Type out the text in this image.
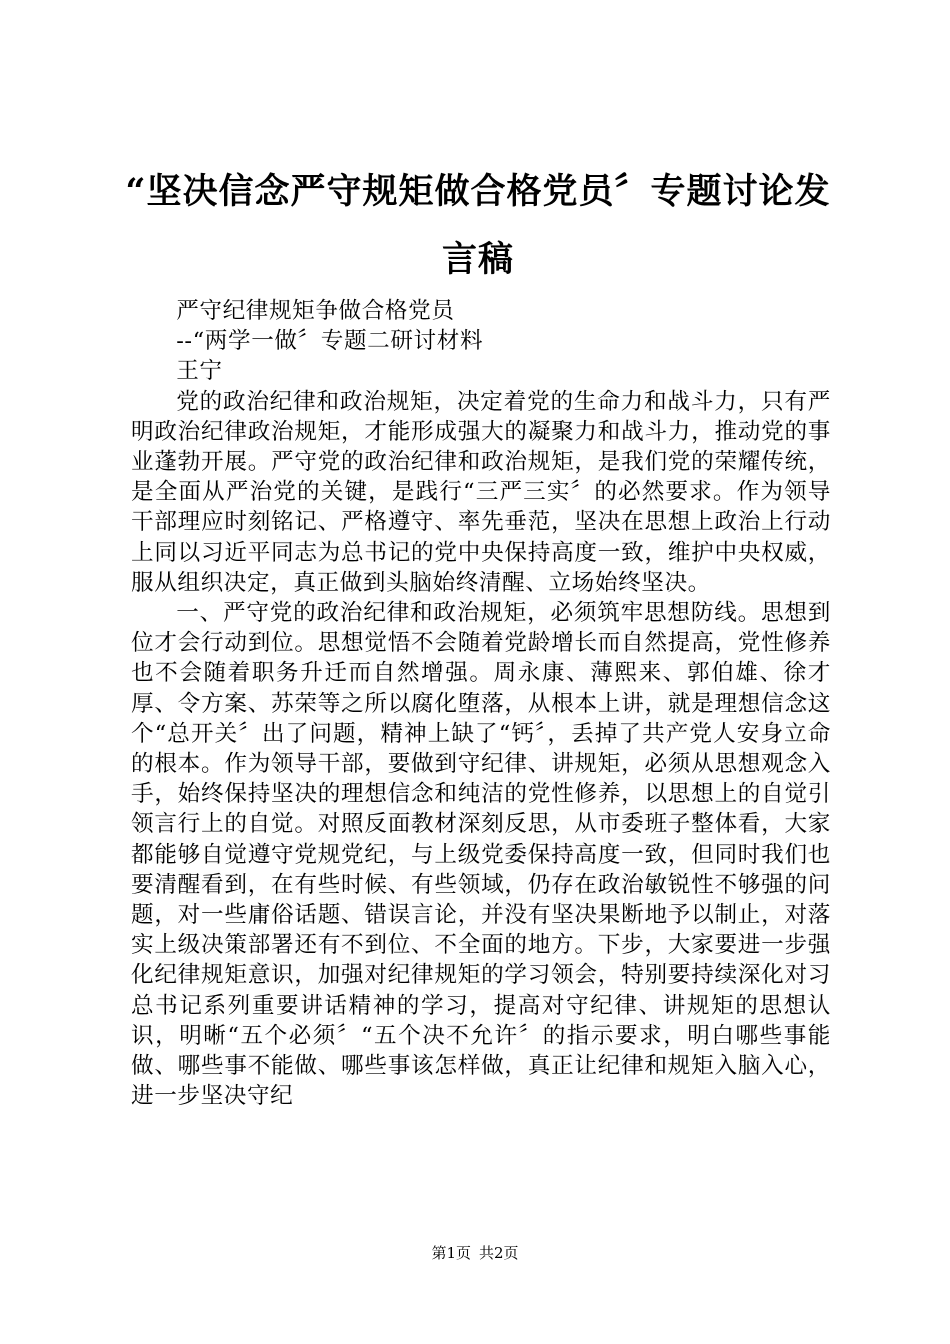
“坚决信念严守规矩做合格党员〞专题讨论发言稿

严守纪律规矩争做合格党员

--“两学一做〞专题二研讨材料

王宁

党的政治纪律和政治规矩，决定着党的生命力和战斗力，只有严明政治纪律政治规矩，才能形成强大的凝聚力和战斗力，推动党的事业蓬勃开展。严守党的政治纪律和政治规矩，是我们党的荣耀传统，是全面从严治党的关键，是践行“三严三实〞的必然要求。作为领导干部理应时刻铭记、严格遵守、率先垂范，坚决在思想上政治上行动上同以习近平同志为总书记的党中央保持高度一致，维护中央权威，服从组织决定，真正做到头脑始终清醒、立场始终坚决。

一、严守党的政治纪律和政治规矩，必须筑牢思想防线。思想到位才会行动到位。思想觉悟不会随着党龄增长而自然提高，党性修养也不会随着职务升迁而自然增强。周永康、薄熙来、郭伯雄、徐才厚、令方案、苏荣等之所以腐化堕落，从根本上讲，就是理想信念这个“总开关〞出了问题，精神上缺了“钙〞，丢掉了共产党人安身立命的根本。作为领导干部，要做到守纪律、讲规矩，必须从思想观念入手，始终保持坚决的理想信念和纯洁的党性修养，以思想上的自觉引领言行上的自觉。对照反面教材深刻反思，从市委班子整体看，大家都能够自觉遵守党规党纪，与上级党委保持高度一致，但同时我们也要清醒看到，在有些时候、有些领域，仍存在政治敏锐性不够强的问题，对一些庸俗话题、错误言论，并没有坚决果断地予以制止，对落实上级决策部署还有不到位、不全面的地方。下步，大家要进一步强化纪律规矩意识，加强对纪律规矩的学习领会，特别要持续深化对习总书记系列重要讲话精神的学习，提高对守纪律、讲规矩的思想认识，明晰“五个必须〞“五个决不允许〞的指示要求，明白哪些事能做、哪些事不能做、哪些事该怎样做，真正让纪律和规矩入脑入心，进一步坚决守纪

第1页 共2页
